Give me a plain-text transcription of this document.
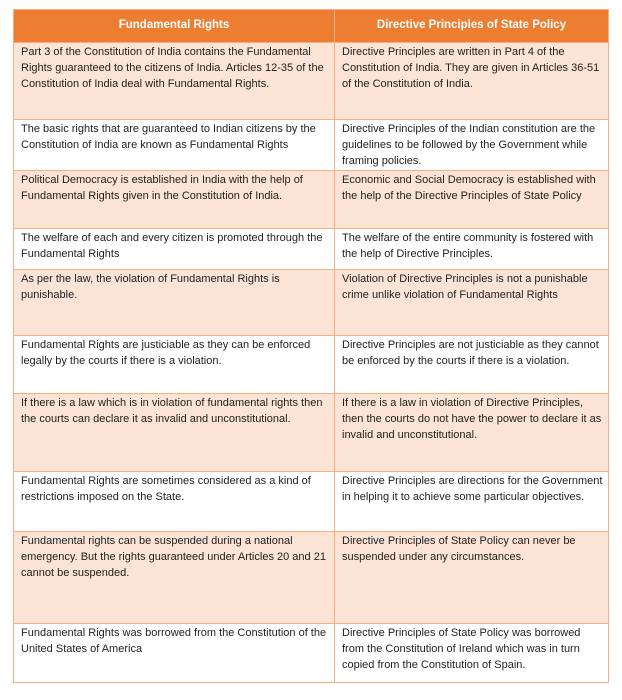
Fundamental Rights	Directive Principles of State Policy
Part 3 of the Constitution of India contains the Fundamental Rights guaranteed to the citizens of India. Articles 12-35 of the Constitution of India deal with Fundamental Rights.	Directive Principles are written in Part 4 of the Constitution of India. They are given in Articles 36-51 of the Constitution of India.
The basic rights that are guaranteed to Indian citizens by the Constitution of India are known as Fundamental Rights	Directive Principles of the Indian constitution are the guidelines to be followed by the Government while framing policies.
Political Democracy is established in India with the help of Fundamental Rights given in the Constitution of India.	Economic and Social Democracy is established with the help of the Directive Principles of State Policy
The welfare of each and every citizen is promoted through the Fundamental Rights	The welfare of the entire community is fostered with the help of Directive Principles.
As per the law, the violation of Fundamental Rights is punishable.	Violation of Directive Principles is not a punishable crime unlike violation of Fundamental Rights
Fundamental Rights are justiciable as they can be enforced legally by the courts if there is a violation.	Directive Principles are not justiciable as they cannot be enforced by the courts if there is a violation.
If there is a law which is in violation of fundamental rights then the courts can declare it as invalid and unconstitutional.	If there is a law in violation of Directive Principles, then the courts do not have the power to declare it as invalid and unconstitutional.
Fundamental Rights are sometimes considered as a kind of restrictions imposed on the State.	Directive Principles are directions for the Government in helping it to achieve some particular objectives.
Fundamental rights can be suspended during a national emergency. But the rights guaranteed under Articles 20 and 21 cannot be suspended.	Directive Principles of State Policy can never be suspended under any circumstances.
Fundamental Rights was borrowed from the Constitution of the United States of America	Directive Principles of State Policy was borrowed from the Constitution of Ireland which was in turn copied from the Constitution of Spain.
